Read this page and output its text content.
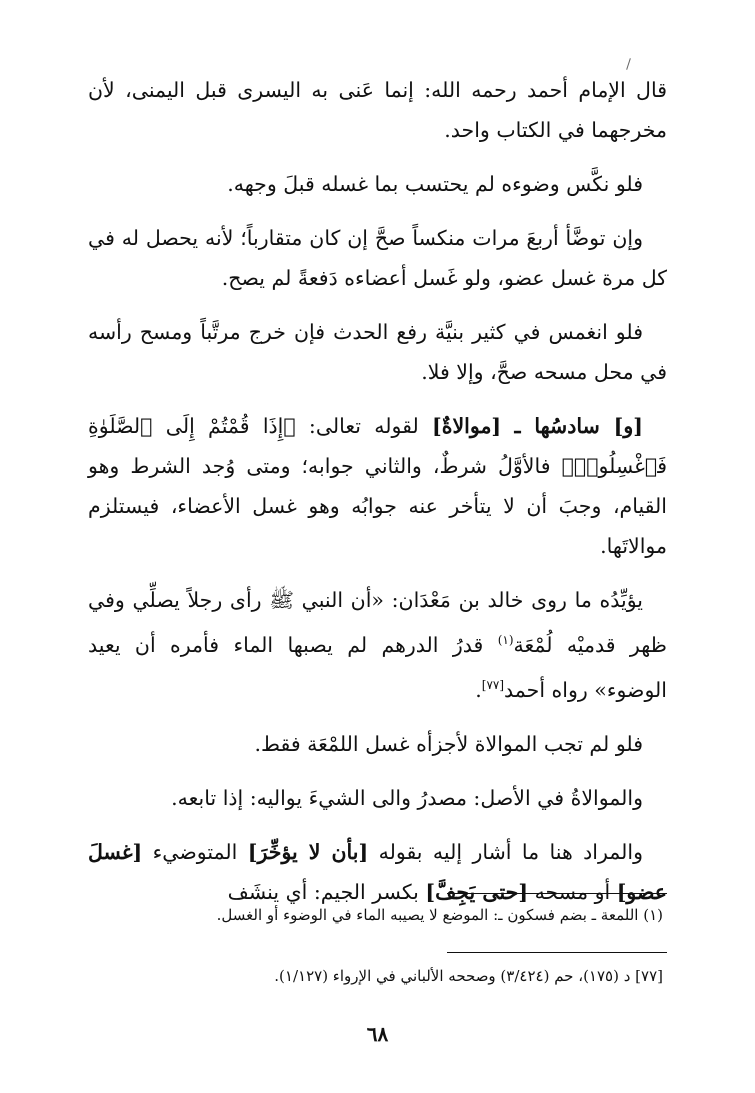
قال الإمام أحمد رحمه الله: إنما عَنى به اليسرى قبل اليمنى، لأن مخرجهما في الكتاب واحد.

فلو نكَّس وضوءه لم يحتسب بما غسله قبلَ وجهه.

وإن توضَّأ أربعَ مرات منكساً صحَّ إن كان متقارباً؛ لأنه يحصل له في كل مرة غسل عضو، ولو غَسل أعضاءه دَفعةً لم يصح.

فلو انغمس في كثير بنيَّة رفع الحدث فإن خرج مرتَّباً ومسح رأسه في محل مسحه صحَّ، وإلا فلا.

[و] سادسُها ـ [موالاةٌ] لقوله تعالى: ﴿إِذَا قُمْتُمْ إِلَى ٱلصَّلَوٰةِ فَٱغْسِلُوا۟﴾ فالأوَّلُ شرطٌ، والثاني جوابه؛ ومتى وُجد الشرط وهو القيام، وجبَ أن لا يتأخر عنه جوابُه وهو غسل الأعضاء، فيستلزم موالاتَها.

يؤيِّدُه ما روى خالد بن مَعْدَان: «أن النبي ﷺ رأى رجلاً يصلِّي وفي ظهر قدميْه لُمْعَة$^{(١)}$ قدرُ الدرهم لم يصبها الماء فأمره أن يعيد الوضوء» رواه أحمد[٧٧].

فلو لم تجب الموالاة لأجزأه غسل اللمْعَة فقط.

والموالاةُ في الأصل: مصدرُ والى الشيءَ يواليه: إذا تابعه.

والمراد هنا ما أشار إليه بقوله [بأن لا يؤخِّرَ] المتوضيء [غسلَ عضو] أو مسحه [حتى يَجِفَّ] بكسر الجيم: أي ينشَف

(١) اللمعة ـ بضم فسكون ـ: الموضع لا يصيبه الماء في الوضوء أو الغسل.
[٧٧] د (١٧٥)، حم (٣/٤٢٤) وصححه الألباني في الإرواء (١/١٢٧).
٦٨
